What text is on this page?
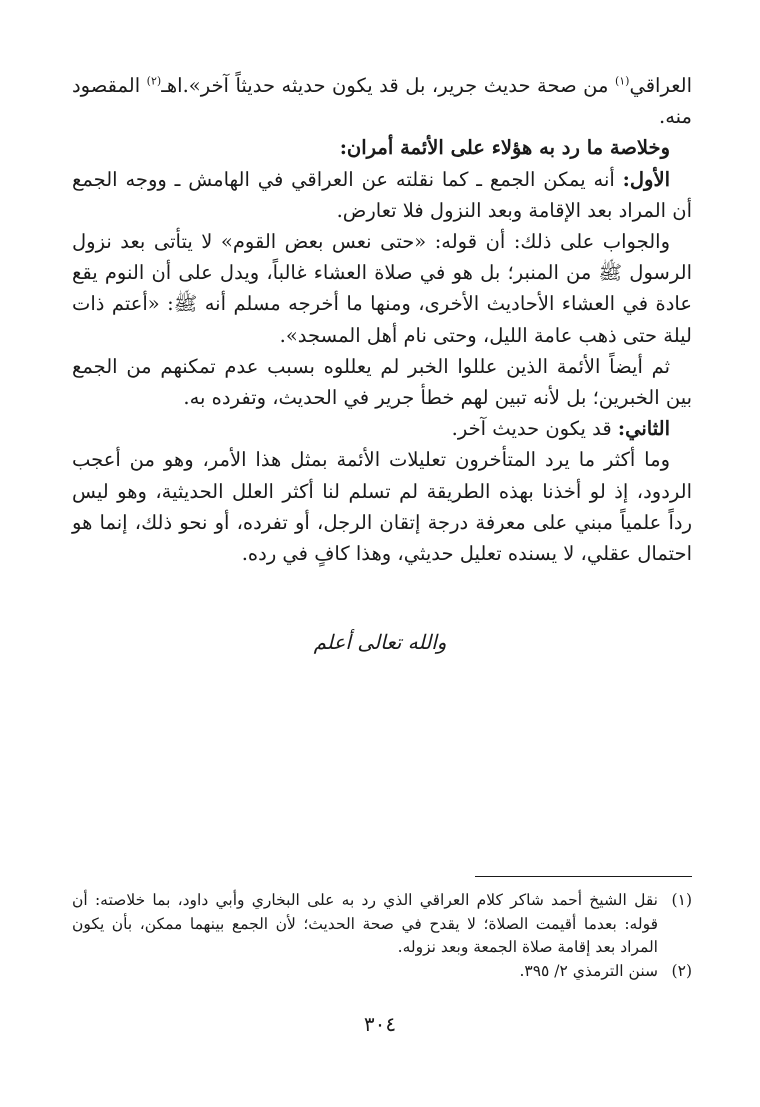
العراقي$^{(١)}$ من صحة حديث جرير، بل قد يكون حديثه حديثاً آخر».اهـ$^{(٢)}$ المقصود منه.

وخلاصة ما رد به هؤلاء على الأئمة أمران:

الأول: أنه يمكن الجمع ـ كما نقلته عن العراقي في الهامش ـ ووجه الجمع أن المراد بعد الإقامة وبعد النزول فلا تعارض.

والجواب على ذلك: أن قوله: «حتى نعس بعض القوم» لا يتأتى بعد نزول الرسول ﷺ من المنبر؛ بل هو في صلاة العشاء غالباً، ويدل على أن النوم يقع عادة في العشاء الأحاديث الأخرى، ومنها ما أخرجه مسلم أنه ﷺ: «أعتم ذات ليلة حتى ذهب عامة الليل، وحتى نام أهل المسجد».

ثم أيضاً الأئمة الذين عللوا الخبر لم يعللوه بسبب عدم تمكنهم من الجمع بين الخبرين؛ بل لأنه تبين لهم خطأ جرير في الحديث، وتفرده به.

الثاني: قد يكون حديث آخر.

وما أكثر ما يرد المتأخرون تعليلات الأئمة بمثل هذا الأمر، وهو من أعجب الردود، إذ لو أخذنا بهذه الطريقة لم تسلم لنا أكثر العلل الحديثية، وهو ليس رداً علمياً مبني على معرفة درجة إتقان الرجل، أو تفرده، أو نحو ذلك، إنما هو احتمال عقلي، لا يسنده تعليل حديثي، وهذا كافٍ في رده.

والله تعالى أعلم
(١)
نقل الشيخ أحمد شاكر كلام العراقي الذي رد به على البخاري وأبي داود، بما خلاصته: أن قوله: بعدما أقيمت الصلاة؛ لا يقدح في صحة الحديث؛ لأن الجمع بينهما ممكن، بأن يكون المراد بعد إقامة صلاة الجمعة وبعد نزوله.
(٢)
سنن الترمذي ٢/ ٣٩٥.
٣٠٤
